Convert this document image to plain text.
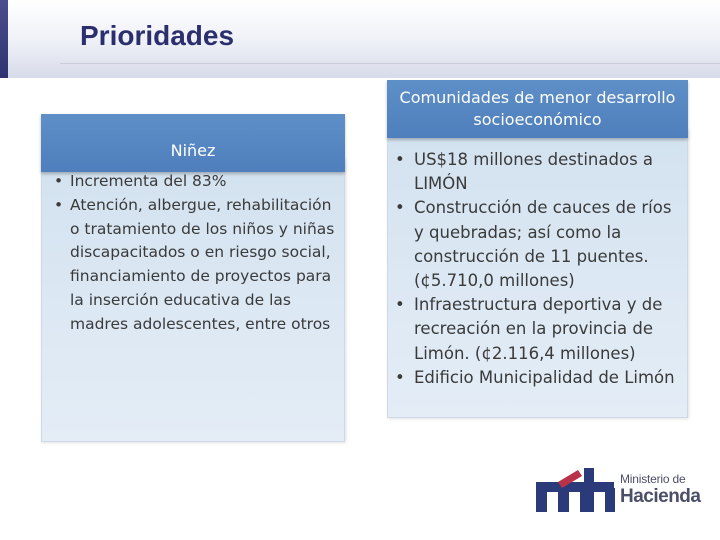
Prioridades
Niñez
• Incrementa del 83%
• Atención, albergue, rehabilitación o tratamiento de los niños y niñas discapacitados o en riesgo social, financiamiento de proyectos para la inserción educativa de las madres adolescentes, entre otros
Comunidades de menor desarrollo socioeconómico
• US$18 millones destinados a LIMÓN
• Construcción de cauces de ríos y quebradas; así como la construcción de 11 puentes. (¢5.710,0 millones)
• Infraestructura deportiva y de recreación en la provincia de Limón. (¢2.116,4 millones)
• Edificio Municipalidad de Limón
Ministerio de
Hacienda
